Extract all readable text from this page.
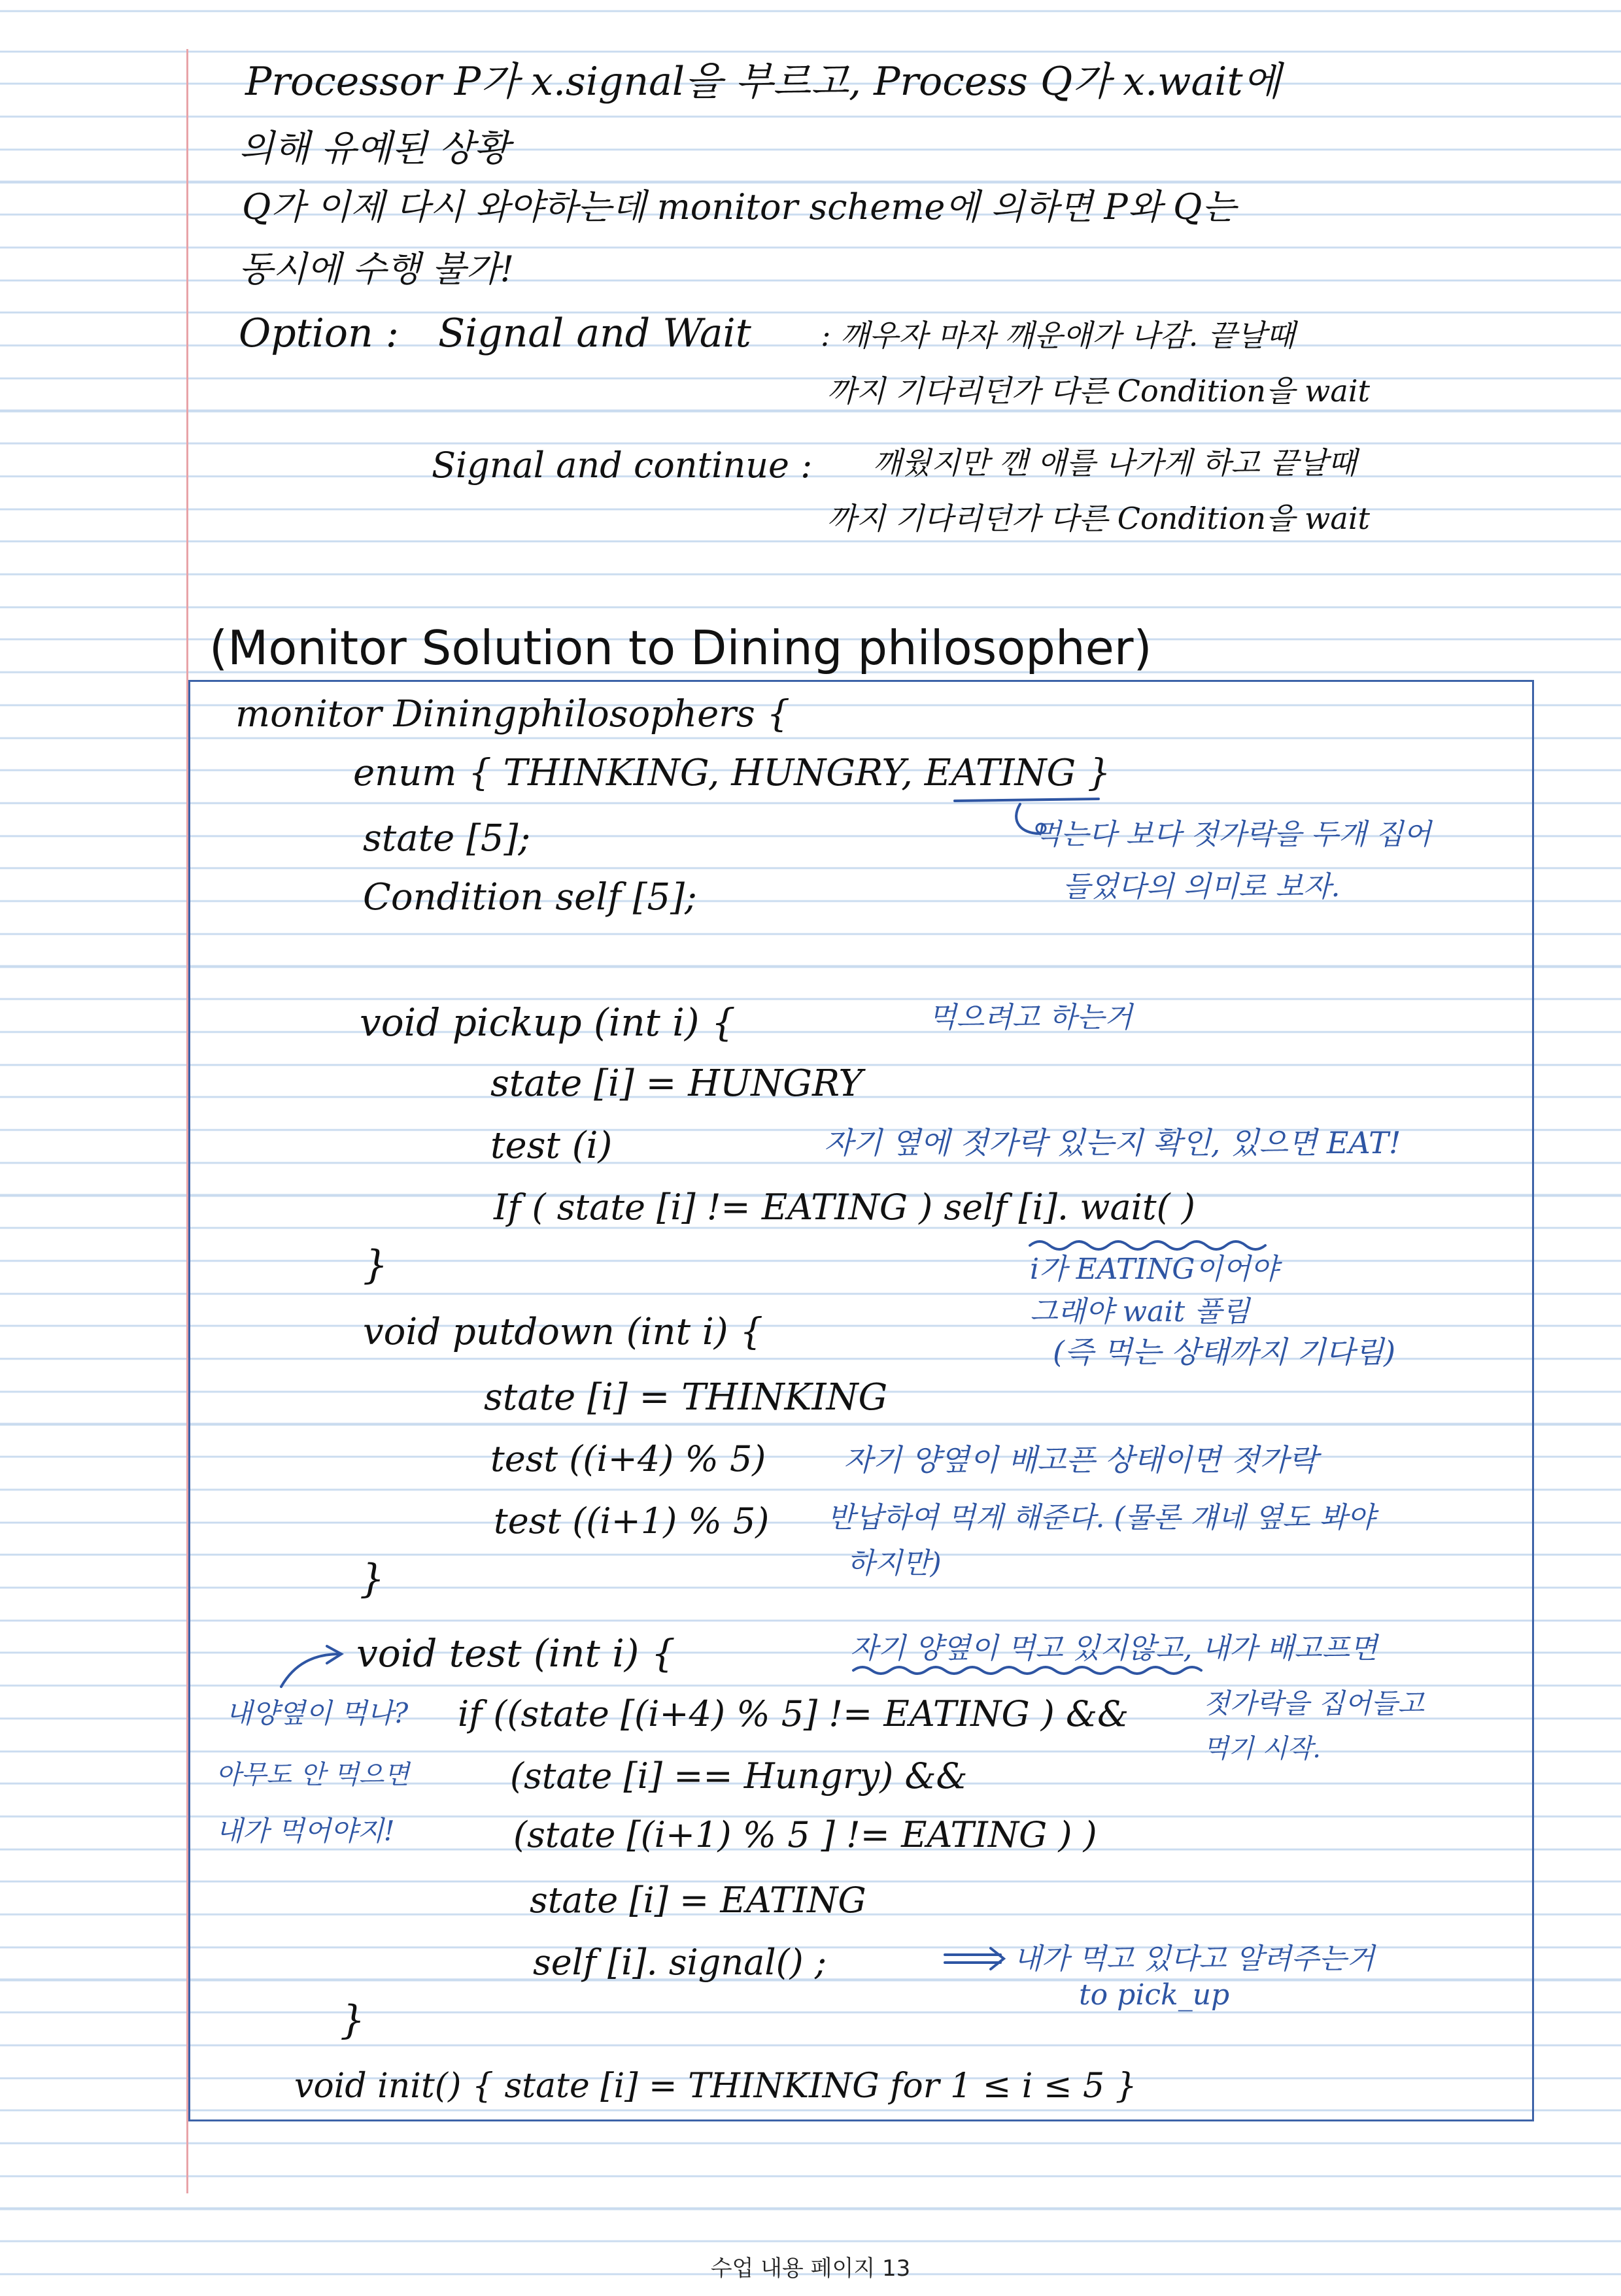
Processor P가 x.signal을 부르고, Process Q가 x.wait에
의해 유예된 상황
Q가 이제 다시 와야하는데 monitor scheme에 의하면 P와 Q는
동시에 수행 불가!
Option : Signal and Wait : 깨우자 마자 깨운애가 나감. 끝날때
까지 기다리던가 다른 Condition을 wait
Signal and continue : 깨웠지만 깬 애를 나가게 하고 끝날때
까지 기다리던가 다른 Condition을 wait
(Monitor Solution to Dining philosopher)
monitor Diningphilosophers {
enum { THINKING, HUNGRY, EATING }
state [5];
Condition self [5];
void pickup (int i) {
state [i] = HUNGRY
test (i)
If ( state [i] != EATING ) self [i]. wait( )
}
void putdown (int i) {
state [i] = THINKING
test ((i+4) % 5)
test ((i+1) % 5)
}
void test (int i) {
if ((state [(i+4) % 5] != EATING ) &&
(state [i] == Hungry) &&
(state [(i+1) % 5 ] != EATING ) )
state [i] = EATING
self [i]. signal() ;
}
void init() { state [i] = THINKING for 1 ≤ i ≤ 5 }
먹는다 보다 젓가락을 두개 집어
들었다의 의미로 보자.
먹으려고 하는거
자기 옆에 젓가락 있는지 확인, 있으면 EAT!
i가 EATING이어야
그래야 wait 풀림
(즉 먹는 상태까지 기다림)
자기 양옆이 배고픈 상태이면 젓가락
반납하여 먹게 해준다. (물론 걔네 옆도 봐야
하지만)
자기 양옆이 먹고 있지않고, 내가 배고프면
젓가락을 집어들고
먹기 시작.
내양옆이 먹나?
아무도 안 먹으면
내가 먹어야지!
내가 먹고 있다고 알려주는거
to pick_up
수업 내용 페이지 13
